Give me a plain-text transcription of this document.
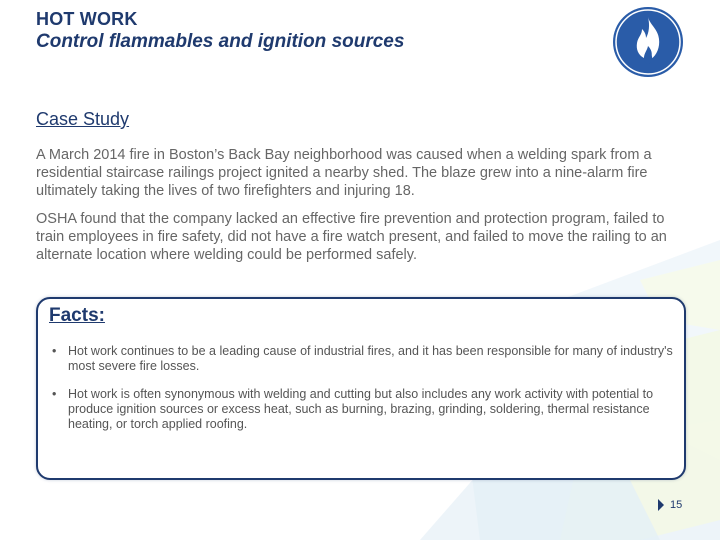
HOT WORK
Control flammables and ignition sources
Case Study

A March 2014 fire in Boston’s Back Bay neighborhood was caused when a welding spark from a residential staircase railings project ignited a nearby shed. The blaze grew into a nine-alarm fire ultimately taking the lives of two firefighters and injuring 18.

OSHA found that the company lacked an effective fire prevention and protection program, failed to train employees in fire safety, did not have a fire watch present, and failed to move the railing to an alternate location where welding could be performed safely.

Facts:
• Hot work continues to be a leading cause of industrial fires, and it has been responsible for many of industry's most severe fire losses.
• Hot work is often synonymous with welding and cutting but also includes any work activity with potential to produce ignition sources or excess heat, such as burning, brazing, grinding, soldering, thermal resistance heating, or torch applied roofing.
15
